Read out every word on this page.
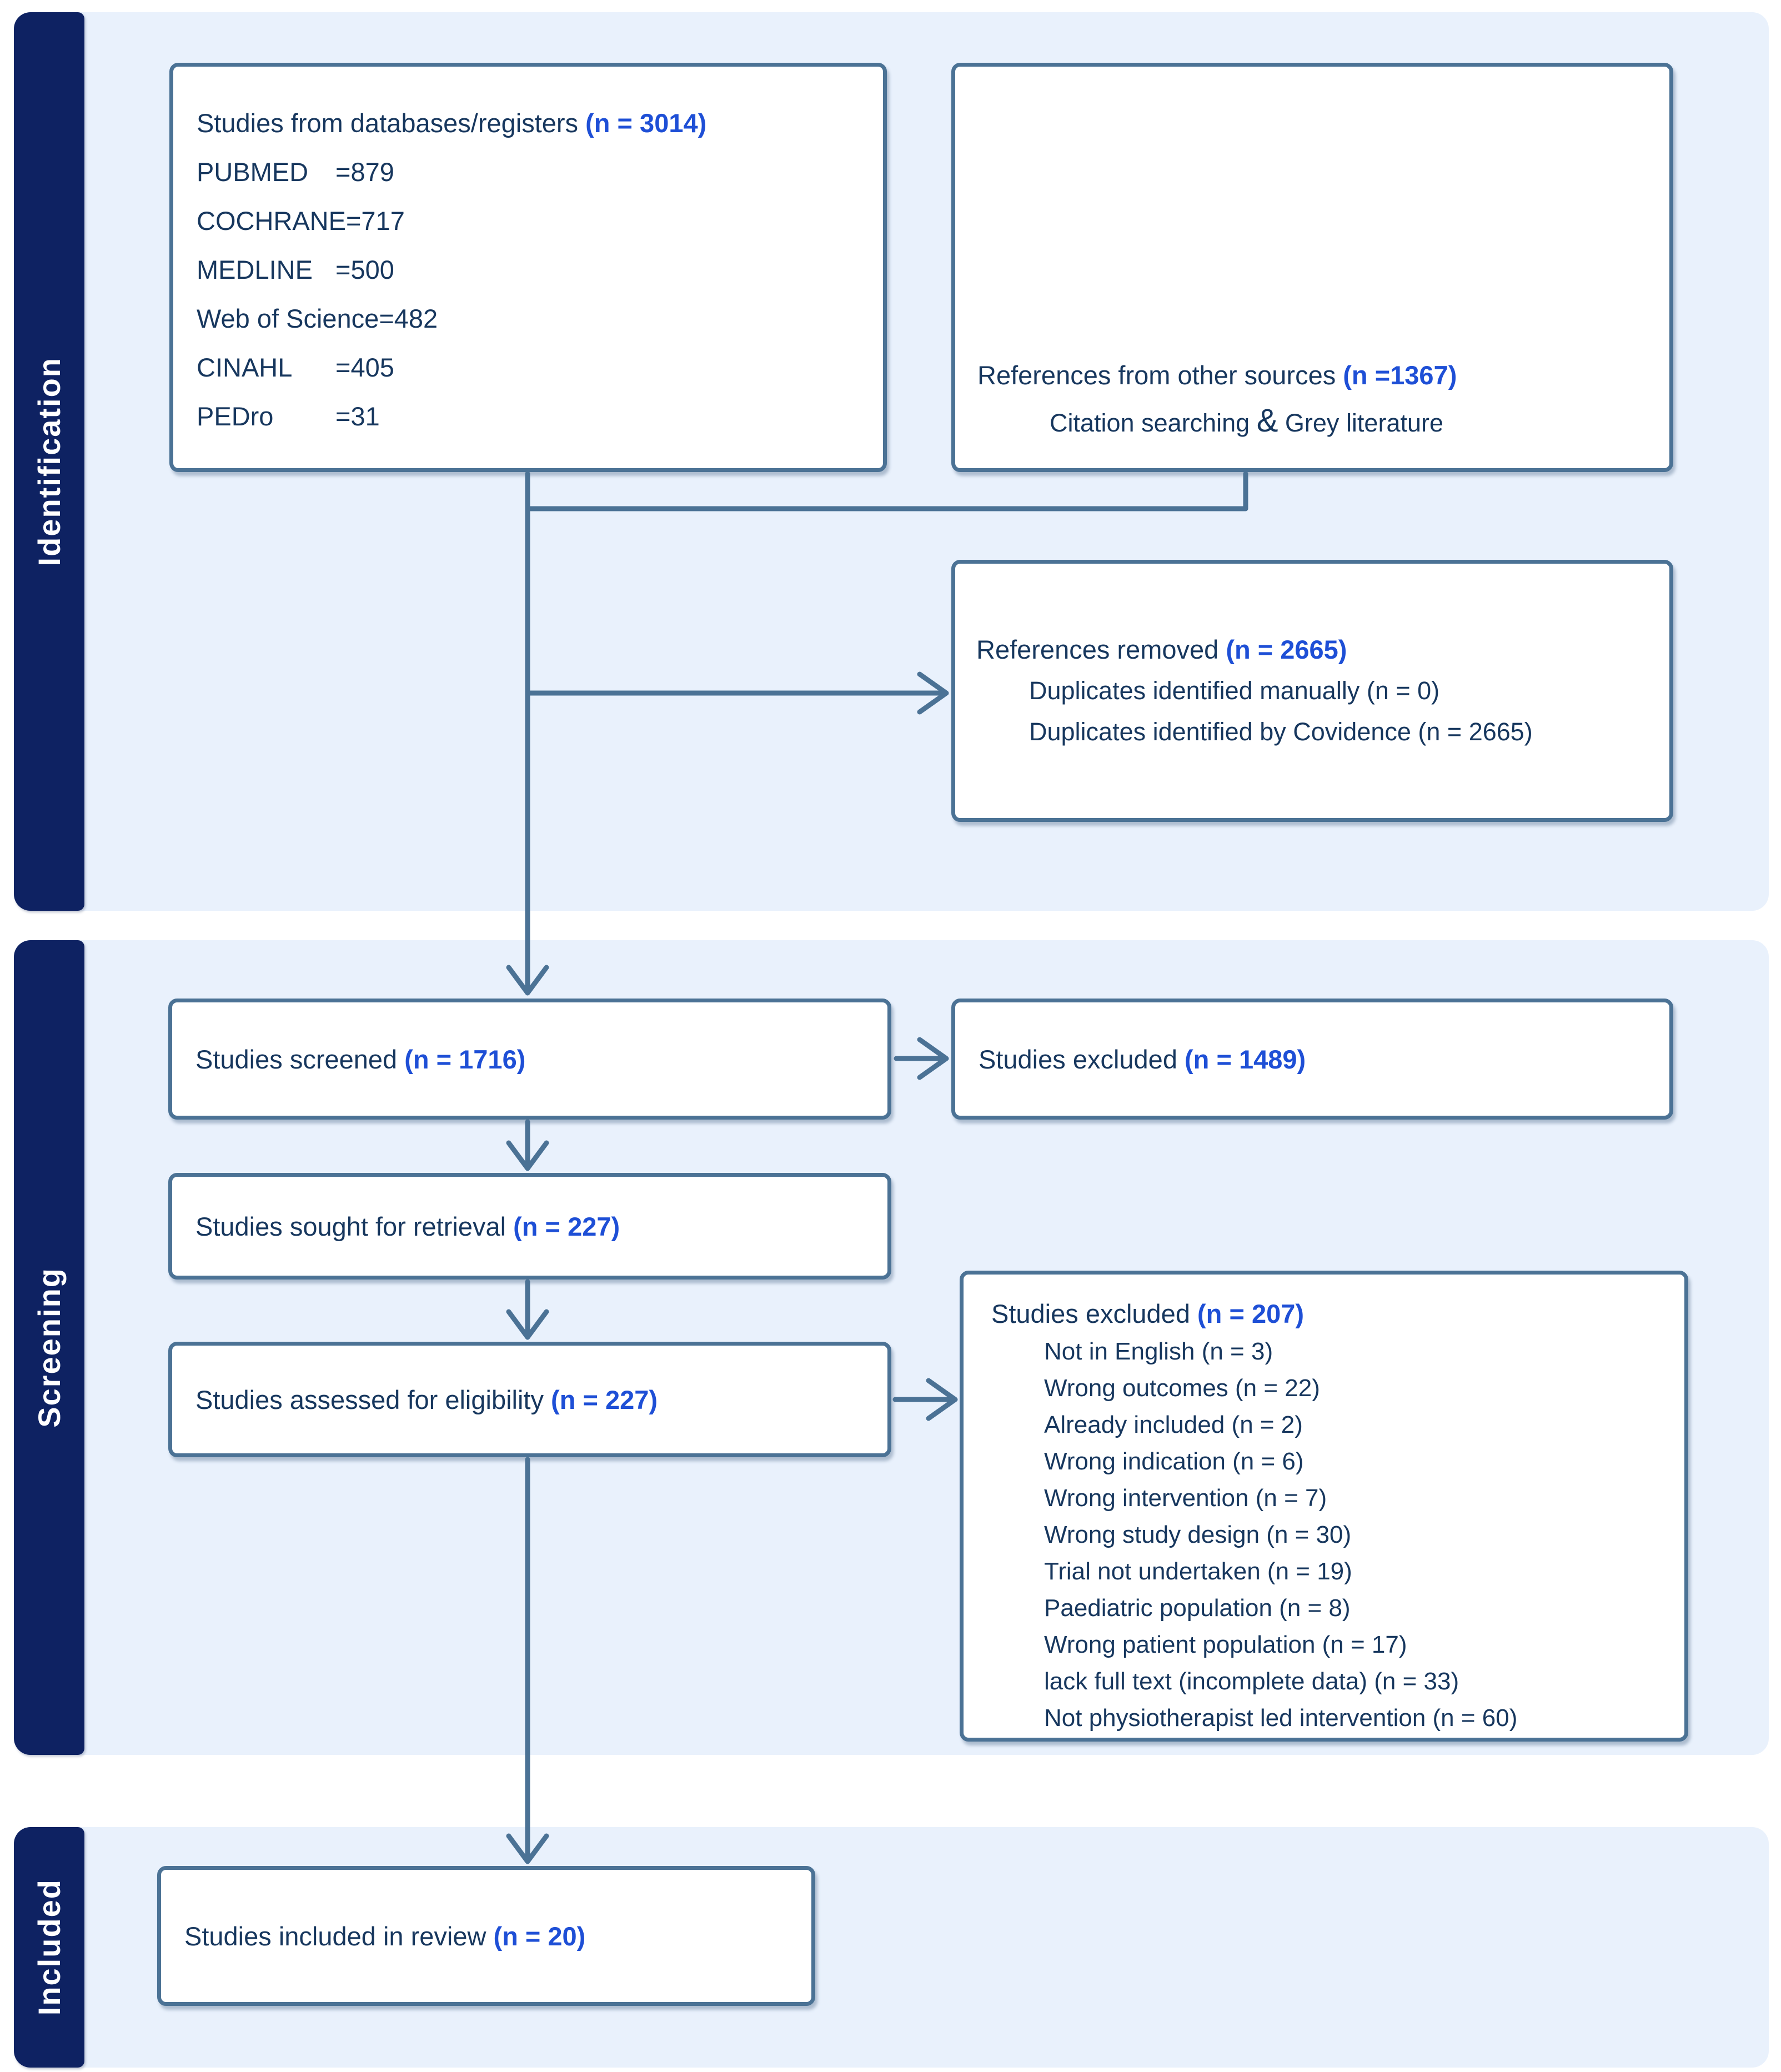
Identification
Screening
Included
Studies from databases/registers (n = 3014)
PUBMED =879
COCHRANE=717
MEDLINE =500
Web of Science=482
CINAHL =405
PEDro =31
References from other sources (n =1367)
Citation searching & Grey literature
References removed (n = 2665)
Duplicates identified manually (n = 0)
Duplicates identified by Covidence (n = 2665)
Studies screened (n = 1716)	Studies excluded (n = 1489)
Studies sought for retrieval (n = 227)
Studies assessed for eligibility (n = 227)
Studies excluded (n = 207)
Not in English (n = 3)
Wrong outcomes (n = 22)
Already included (n = 2)
Wrong indication (n = 6)
Wrong intervention (n = 7)
Wrong study design (n = 30)
Trial not undertaken (n = 19)
Paediatric population (n = 8)
Wrong patient population (n = 17)
lack full text (incomplete data) (n = 33)
Not physiotherapist led intervention (n = 60)
Studies included in review (n = 20)
